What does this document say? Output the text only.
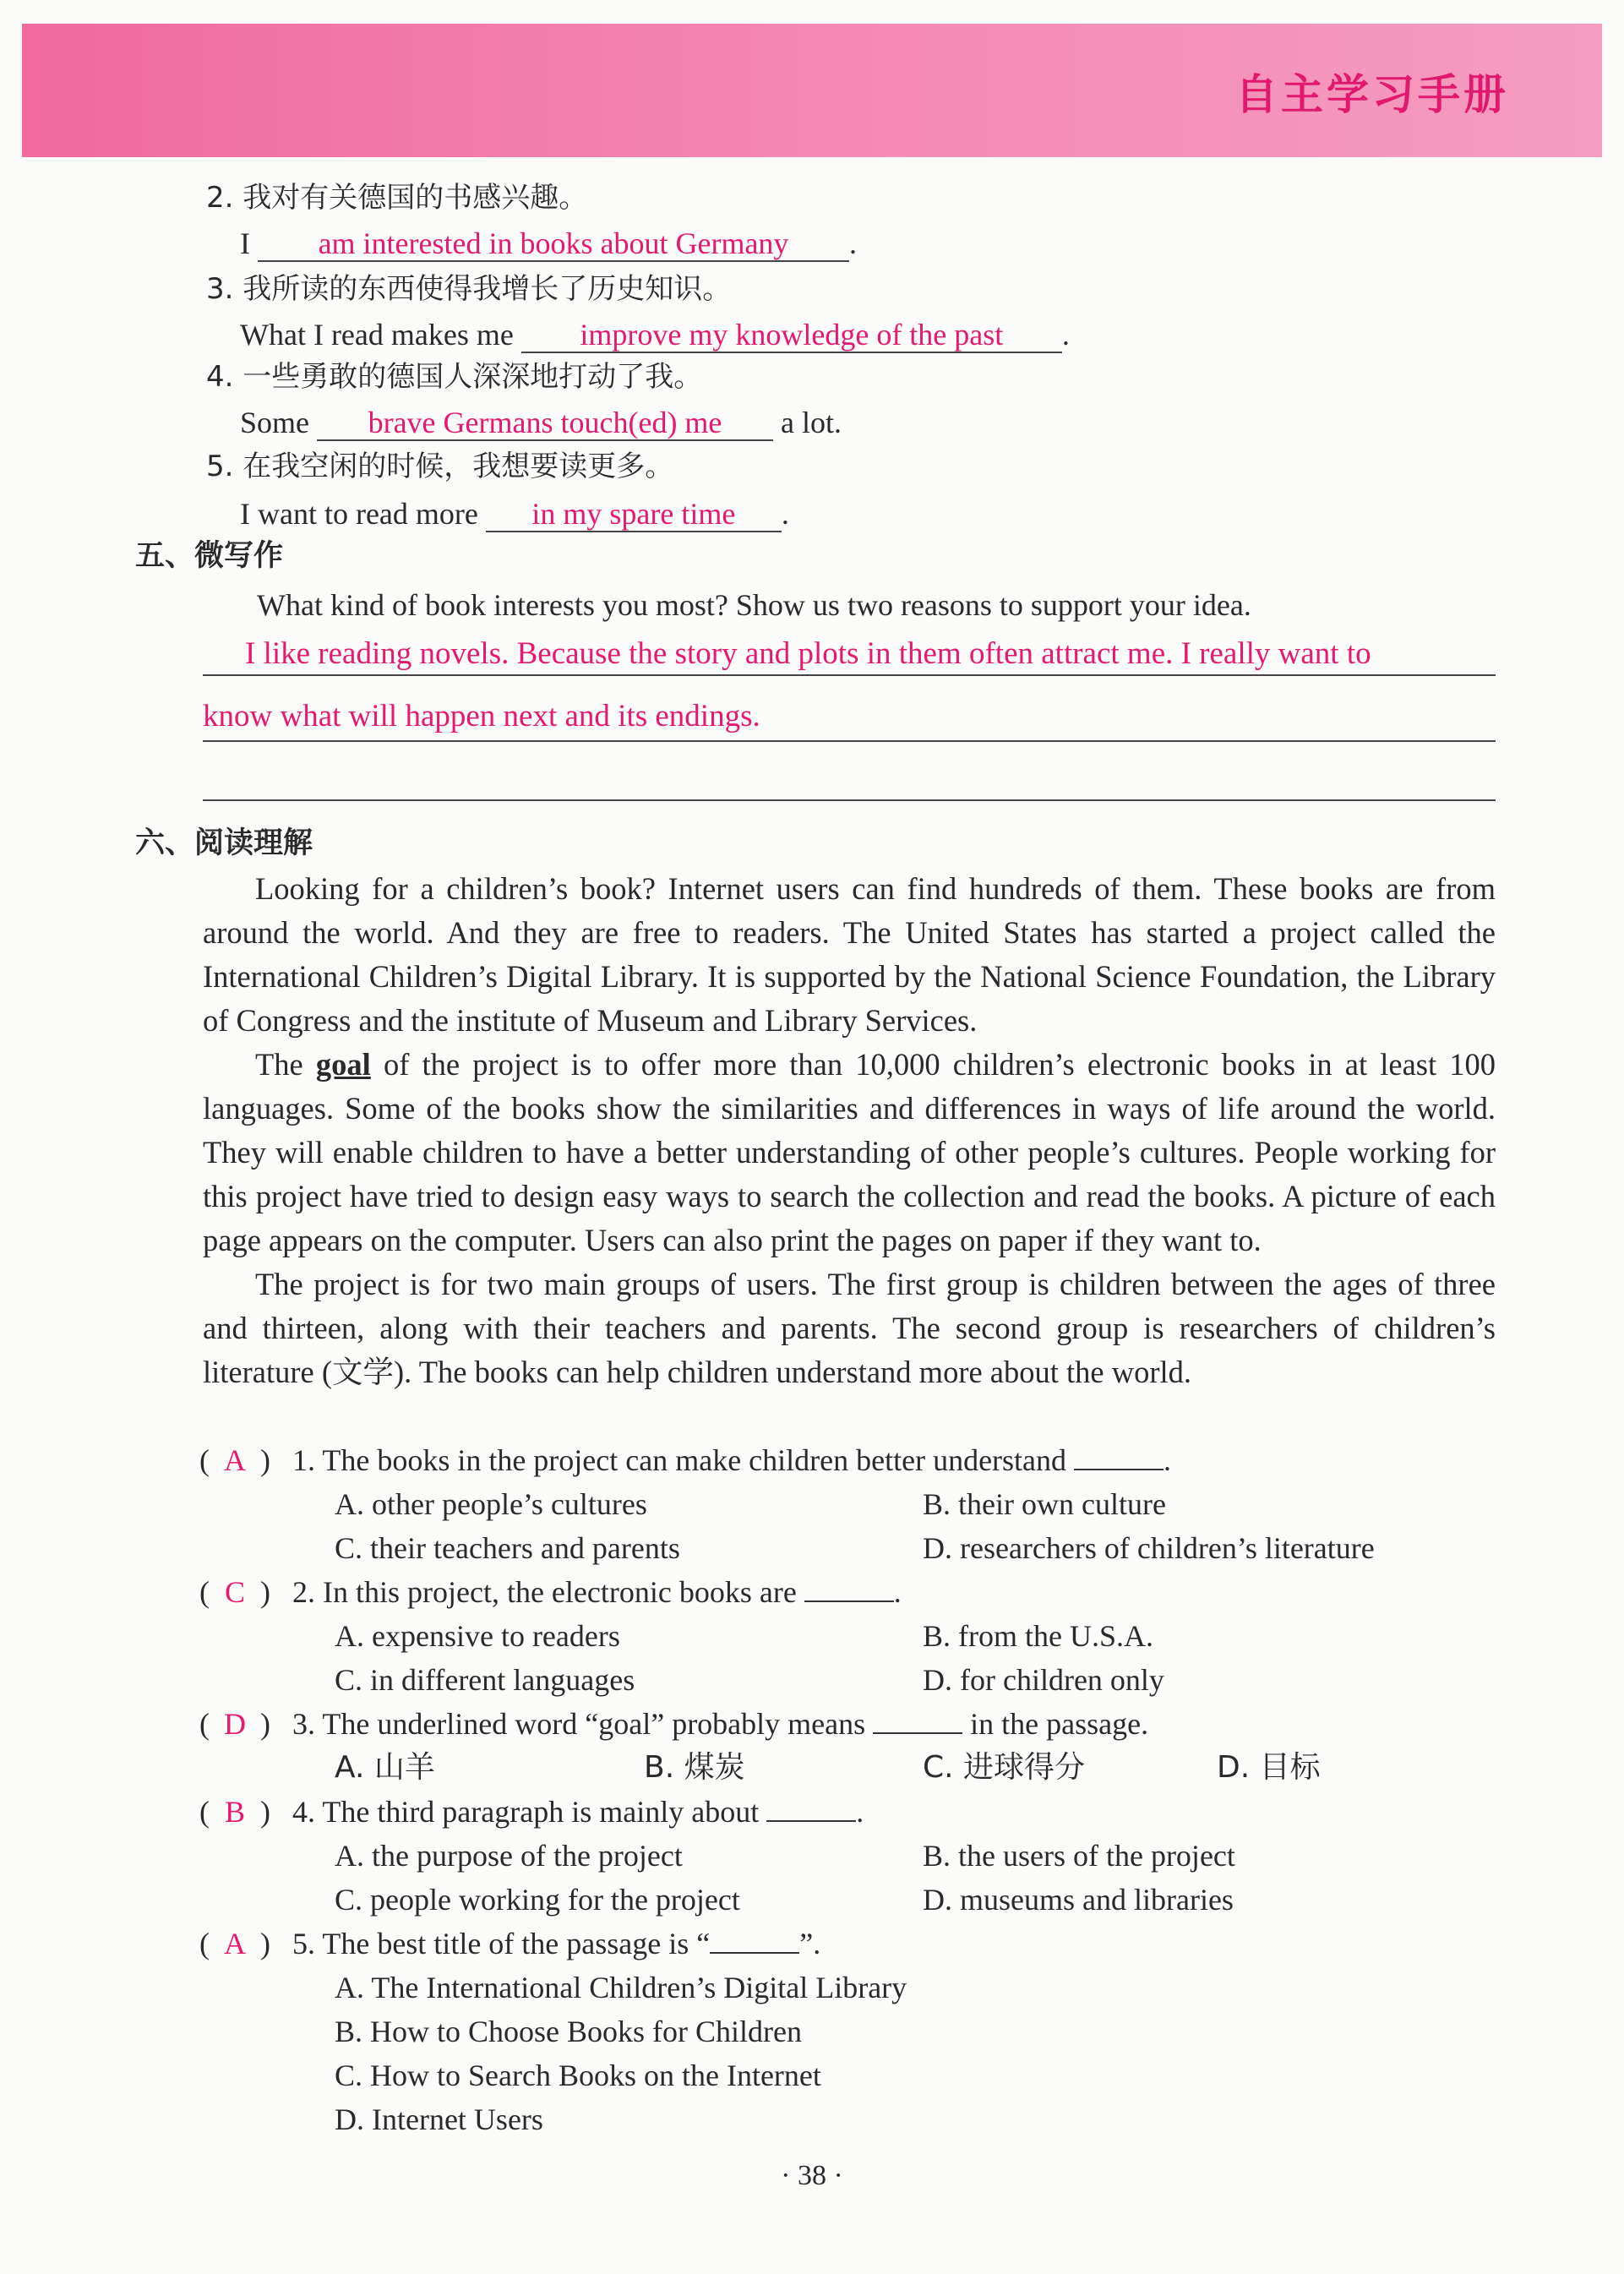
自主学习手册
2. 我对有关德国的书感兴趣。
I am interested in books about Germany .
3. 我所读的东西使得我增长了历史知识。
What I read makes me improve my knowledge of the past .
4. 一些勇敢的德国人深深地打动了我。
Some brave Germans touch(ed) me a lot.
5. 在我空闲的时候，我想要读更多。
I want to read more in my spare time .
五、微写作
What kind of book interests you most? Show us two reasons to support your idea.
I like reading novels. Because the story and plots in them often attract me. I really want to
know what will happen next and its endings.
六、阅读理解

Looking for a children’s book? Internet users can find hundreds of them. These books are from around the world. And they are free to readers. The United States has started a project called the International Children’s Digital Library. It is supported by the National Science Foundation, the Library of Congress and the institute of Museum and Library Services.

The goal of the project is to offer more than 10,000 children’s electronic books in at least 100 languages. Some of the books show the similarities and differences in ways of life around the world. They will enable children to have a better understanding of other people’s cultures. People working for this project have tried to design easy ways to search the collection and read the books. A picture of each page appears on the computer. Users can also print the pages on paper if they want to.

The project is for two main groups of users. The first group is children between the ages of three and thirteen, along with their teachers and parents. The second group is researchers of children’s literature (文学). The books can help children understand more about the world.

( A ) 1. The books in the project can make children better understand	.
A. other people’s cultures	B. their own culture
C. their teachers and parents	D. researchers of children’s literature
( C ) 2. In this project, the electronic books are	.
A. expensive to readers	B. from the U.S.A.
C. in different languages	D. for children only
( D ) 3. The underlined word “goal” probably means	in the passage.
A. 山羊	B. 煤炭	C. 进球得分	D. 目标
( B ) 4. The third paragraph is mainly about	.
A. the purpose of the project	B. the users of the project
C. people working for the project	D. museums and libraries
( A ) 5. The best title of the passage is “	”.
A. The International Children’s Digital Library
B. How to Choose Books for Children
C. How to Search Books on the Internet
D. Internet Users
· 38 ·
